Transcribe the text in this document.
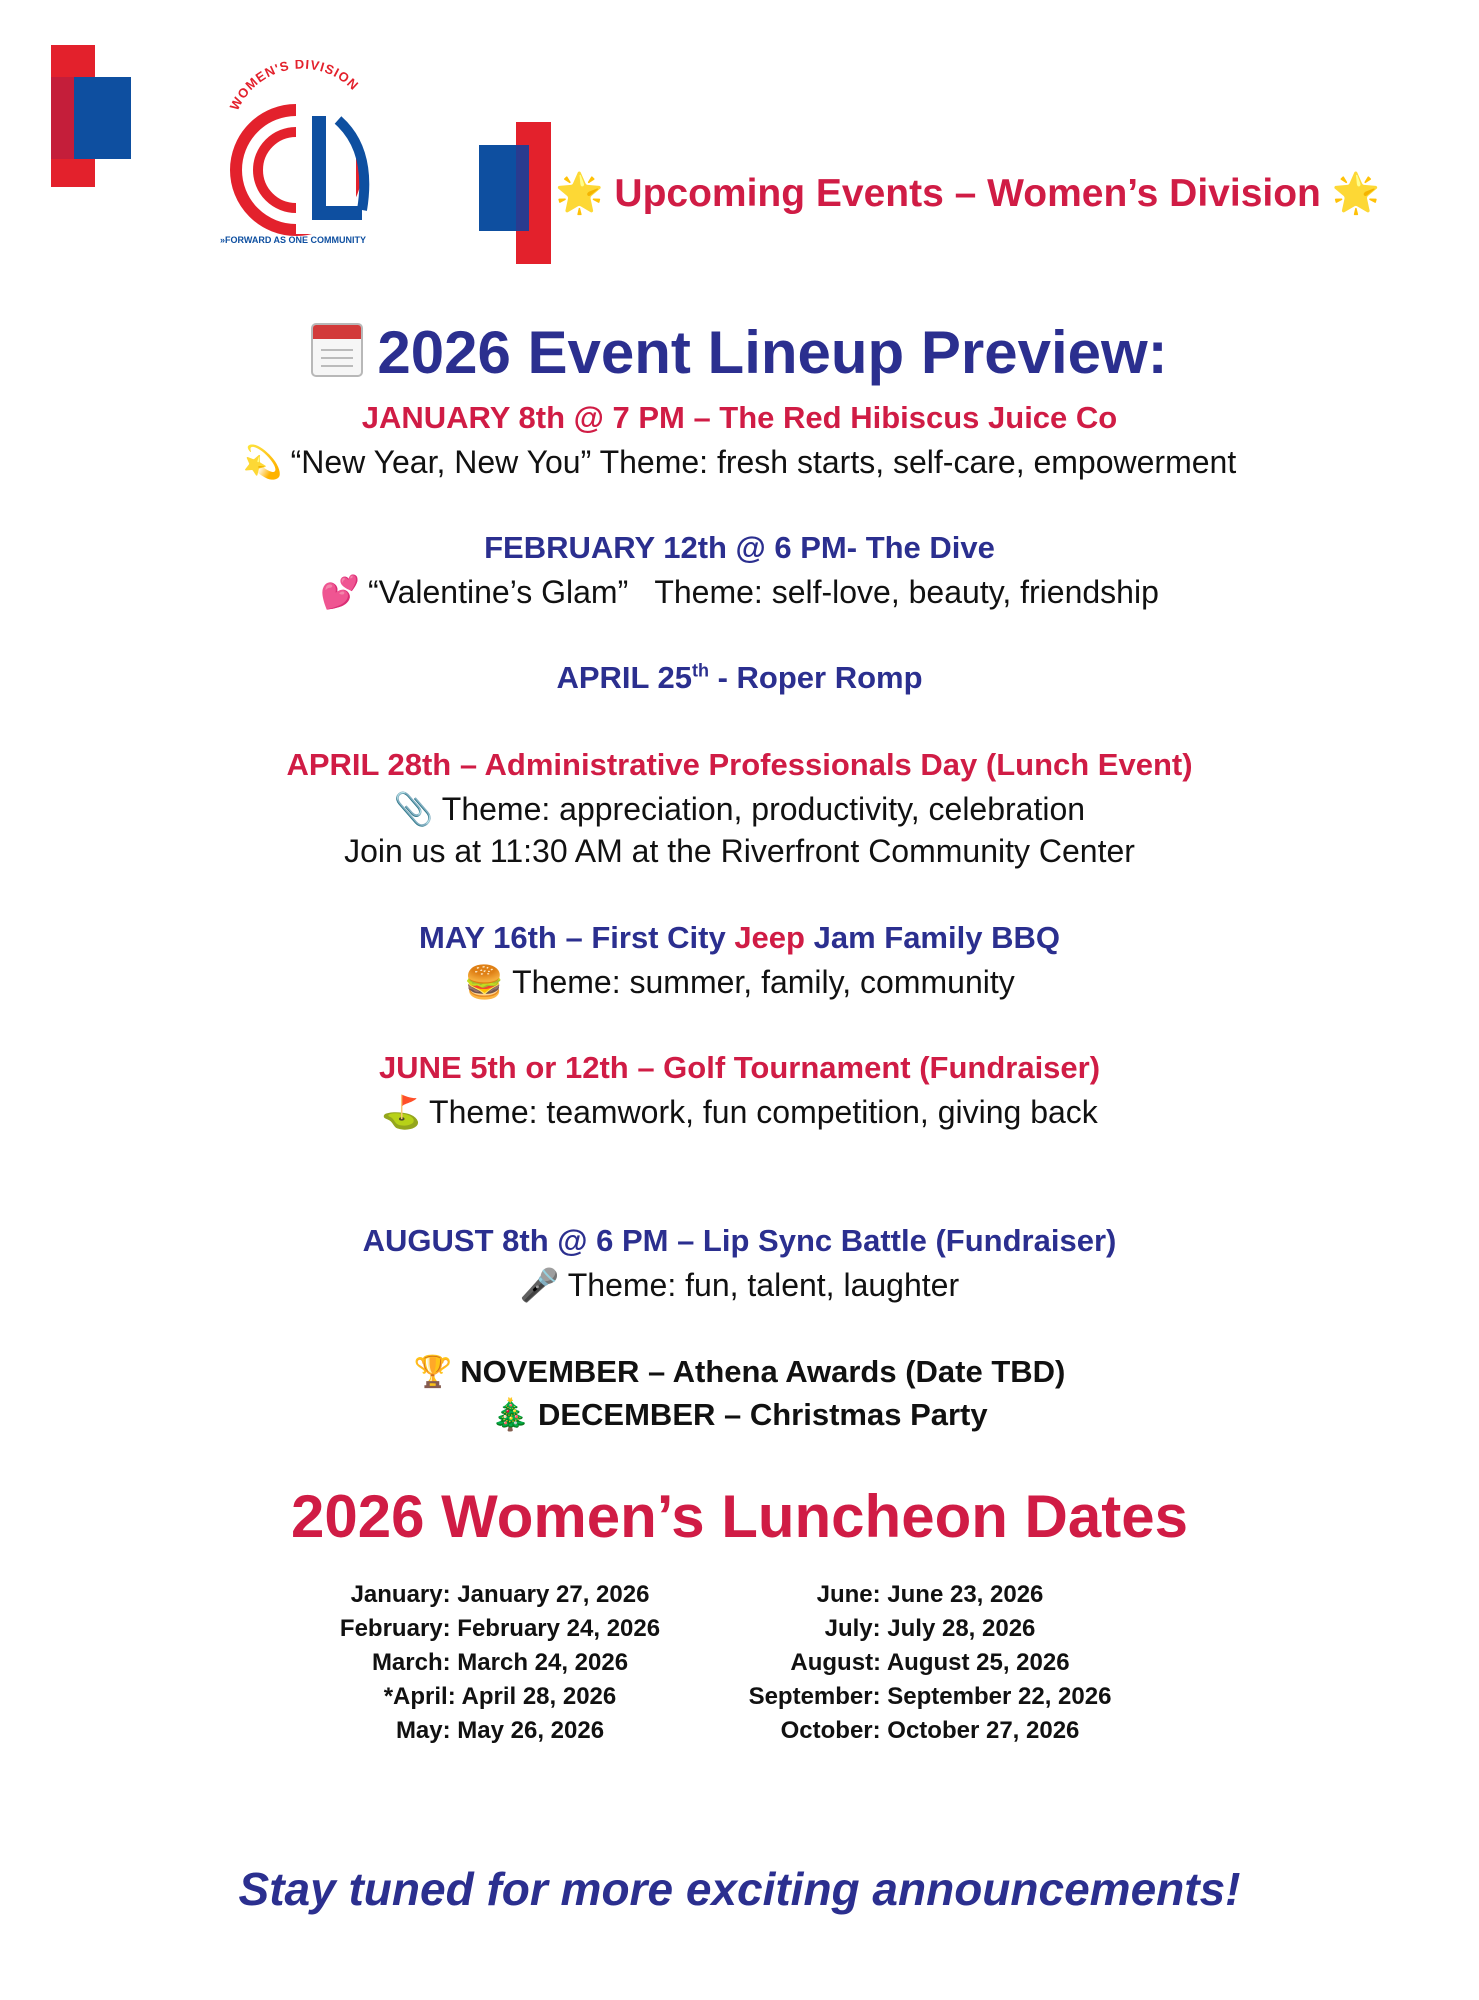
WOMEN'S DIVISION
»FORWARD AS ONE COMMUNITY
🌟 Upcoming Events – Women’s Division 🌟
2026 Event Lineup Preview:
JANUARY 8th @ 7 PM – The Red Hibiscus Juice Co
💫 “New Year, New You” Theme: fresh starts, self-care, empowerment
FEBRUARY 12th @ 6 PM- The Dive
💕 “Valentine’s Glam”   Theme: self-love, beauty, friendship
APRIL 25th - Roper Romp
APRIL 28th – Administrative Professionals Day (Lunch Event)
📎 Theme: appreciation, productivity, celebration
Join us at 11:30 AM at the Riverfront Community Center
MAY 16th – First City Jeep Jam Family BBQ
🍔 Theme: summer, family, community
JUNE 5th or 12th – Golf Tournament (Fundraiser)
⛳ Theme: teamwork, fun competition, giving back
AUGUST 8th @ 6 PM – Lip Sync Battle (Fundraiser)
🎤 Theme: fun, talent, laughter
🏆 NOVEMBER – Athena Awards (Date TBD)
🎄 DECEMBER – Christmas Party
2026 Women’s Luncheon Dates
January: January 27, 2026
February: February 24, 2026
March: March 24, 2026
*April: April 28, 2026
May: May 26, 2026
June: June 23, 2026
July: July 28, 2026
August: August 25, 2026
September: September 22, 2026
October: October 27, 2026
Stay tuned for more exciting announcements!
